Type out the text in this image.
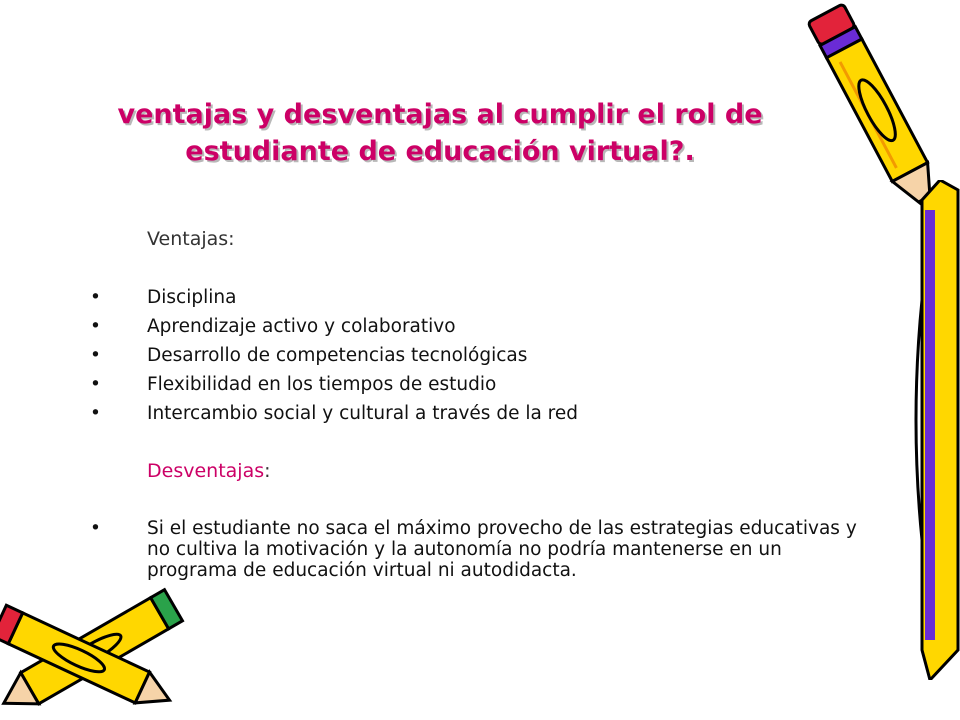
ventajas y desventajas al cumplir el rol de
estudiante de educación virtual?.
Ventajas:
•	Disciplina
•	Aprendizaje activo y colaborativo
•	Desarrollo de competencias tecnológicas
•	Flexibilidad en los tiempos de estudio
•	Intercambio social y cultural a través de la red
Desventajas:
•	Si el estudiante no saca el máximo provecho de las estrategias educativas y no cultiva la motivación y la autonomía no podría mantenerse en un programa de educación virtual ni autodidacta.
